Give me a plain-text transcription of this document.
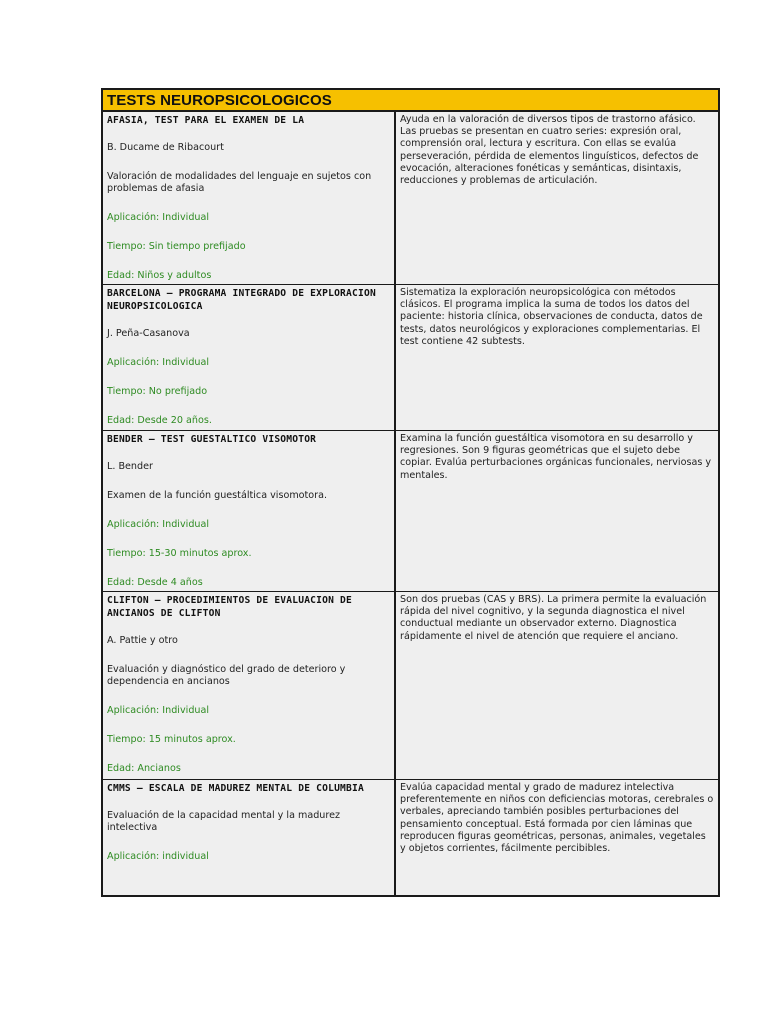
TESTS NEUROPSICOLOGICOS
AFASIA, TEST PARA EL EXAMEN DE LA
B. Ducame de Ribacourt
Valoración de modalidades del lenguaje en sujetos con problemas de afasia
Aplicación: Individual
Tiempo: Sin tiempo prefijado
Edad: Niños y adultos

Ayuda en la valoración de diversos tipos de trastorno afásico. Las pruebas se presentan en cuatro series: expresión oral, comprensión oral, lectura y escritura. Con ellas se evalúa perseveración, pérdida de elementos linguísticos, defectos de evocación, alteraciones fonéticas y semánticas, disintaxis, reducciones y problemas de articulación.

BARCELONA – PROGRAMA INTEGRADO DE EXPLORACION NEUROPSICOLOGICA
J. Peña-Casanova
Aplicación: Individual
Tiempo: No prefijado
Edad: Desde 20 años.

Sistematiza la exploración neuropsicológica con métodos clásicos. El programa implica la suma de todos los datos del paciente: historia clínica, observaciones de conducta, datos de tests, datos neurológicos y exploraciones complementarias. El test contiene 42 subtests.

BENDER – TEST GUESTALTICO VISOMOTOR
L. Bender
Examen de la función guestáltica visomotora.
Aplicación: Individual
Tiempo: 15-30 minutos aprox.
Edad: Desde 4 años

Examina la función guestáltica visomotora en su desarrollo y regresiones. Son 9 figuras geométricas que el sujeto debe copiar. Evalúa perturbaciones orgánicas funcionales, nerviosas y mentales.

CLIFTON – PROCEDIMIENTOS DE EVALUACION DE ANCIANOS DE CLIFTON
A. Pattie y otro
Evaluación y diagnóstico del grado de deterioro y dependencia en ancianos
Aplicación: Individual
Tiempo: 15 minutos aprox.
Edad: Ancianos

Son dos pruebas (CAS y BRS). La primera permite la evaluación rápida del nivel cognitivo, y la segunda diagnostica el nivel conductual mediante un observador externo. Diagnostica rápidamente el nivel de atención que requiere el anciano.

CMMS – ESCALA DE MADUREZ MENTAL DE COLUMBIA
Evaluación de la capacidad mental y la madurez intelectiva
Aplicación: individual

Evalúa capacidad mental y grado de madurez intelectiva preferentemente en niños con deficiencias motoras, cerebrales o verbales, apreciando también posibles perturbaciones del pensamiento conceptual. Está formada por cien láminas que reproducen figuras geométricas, personas, animales, vegetales y objetos corrientes, fácilmente percibibles.
